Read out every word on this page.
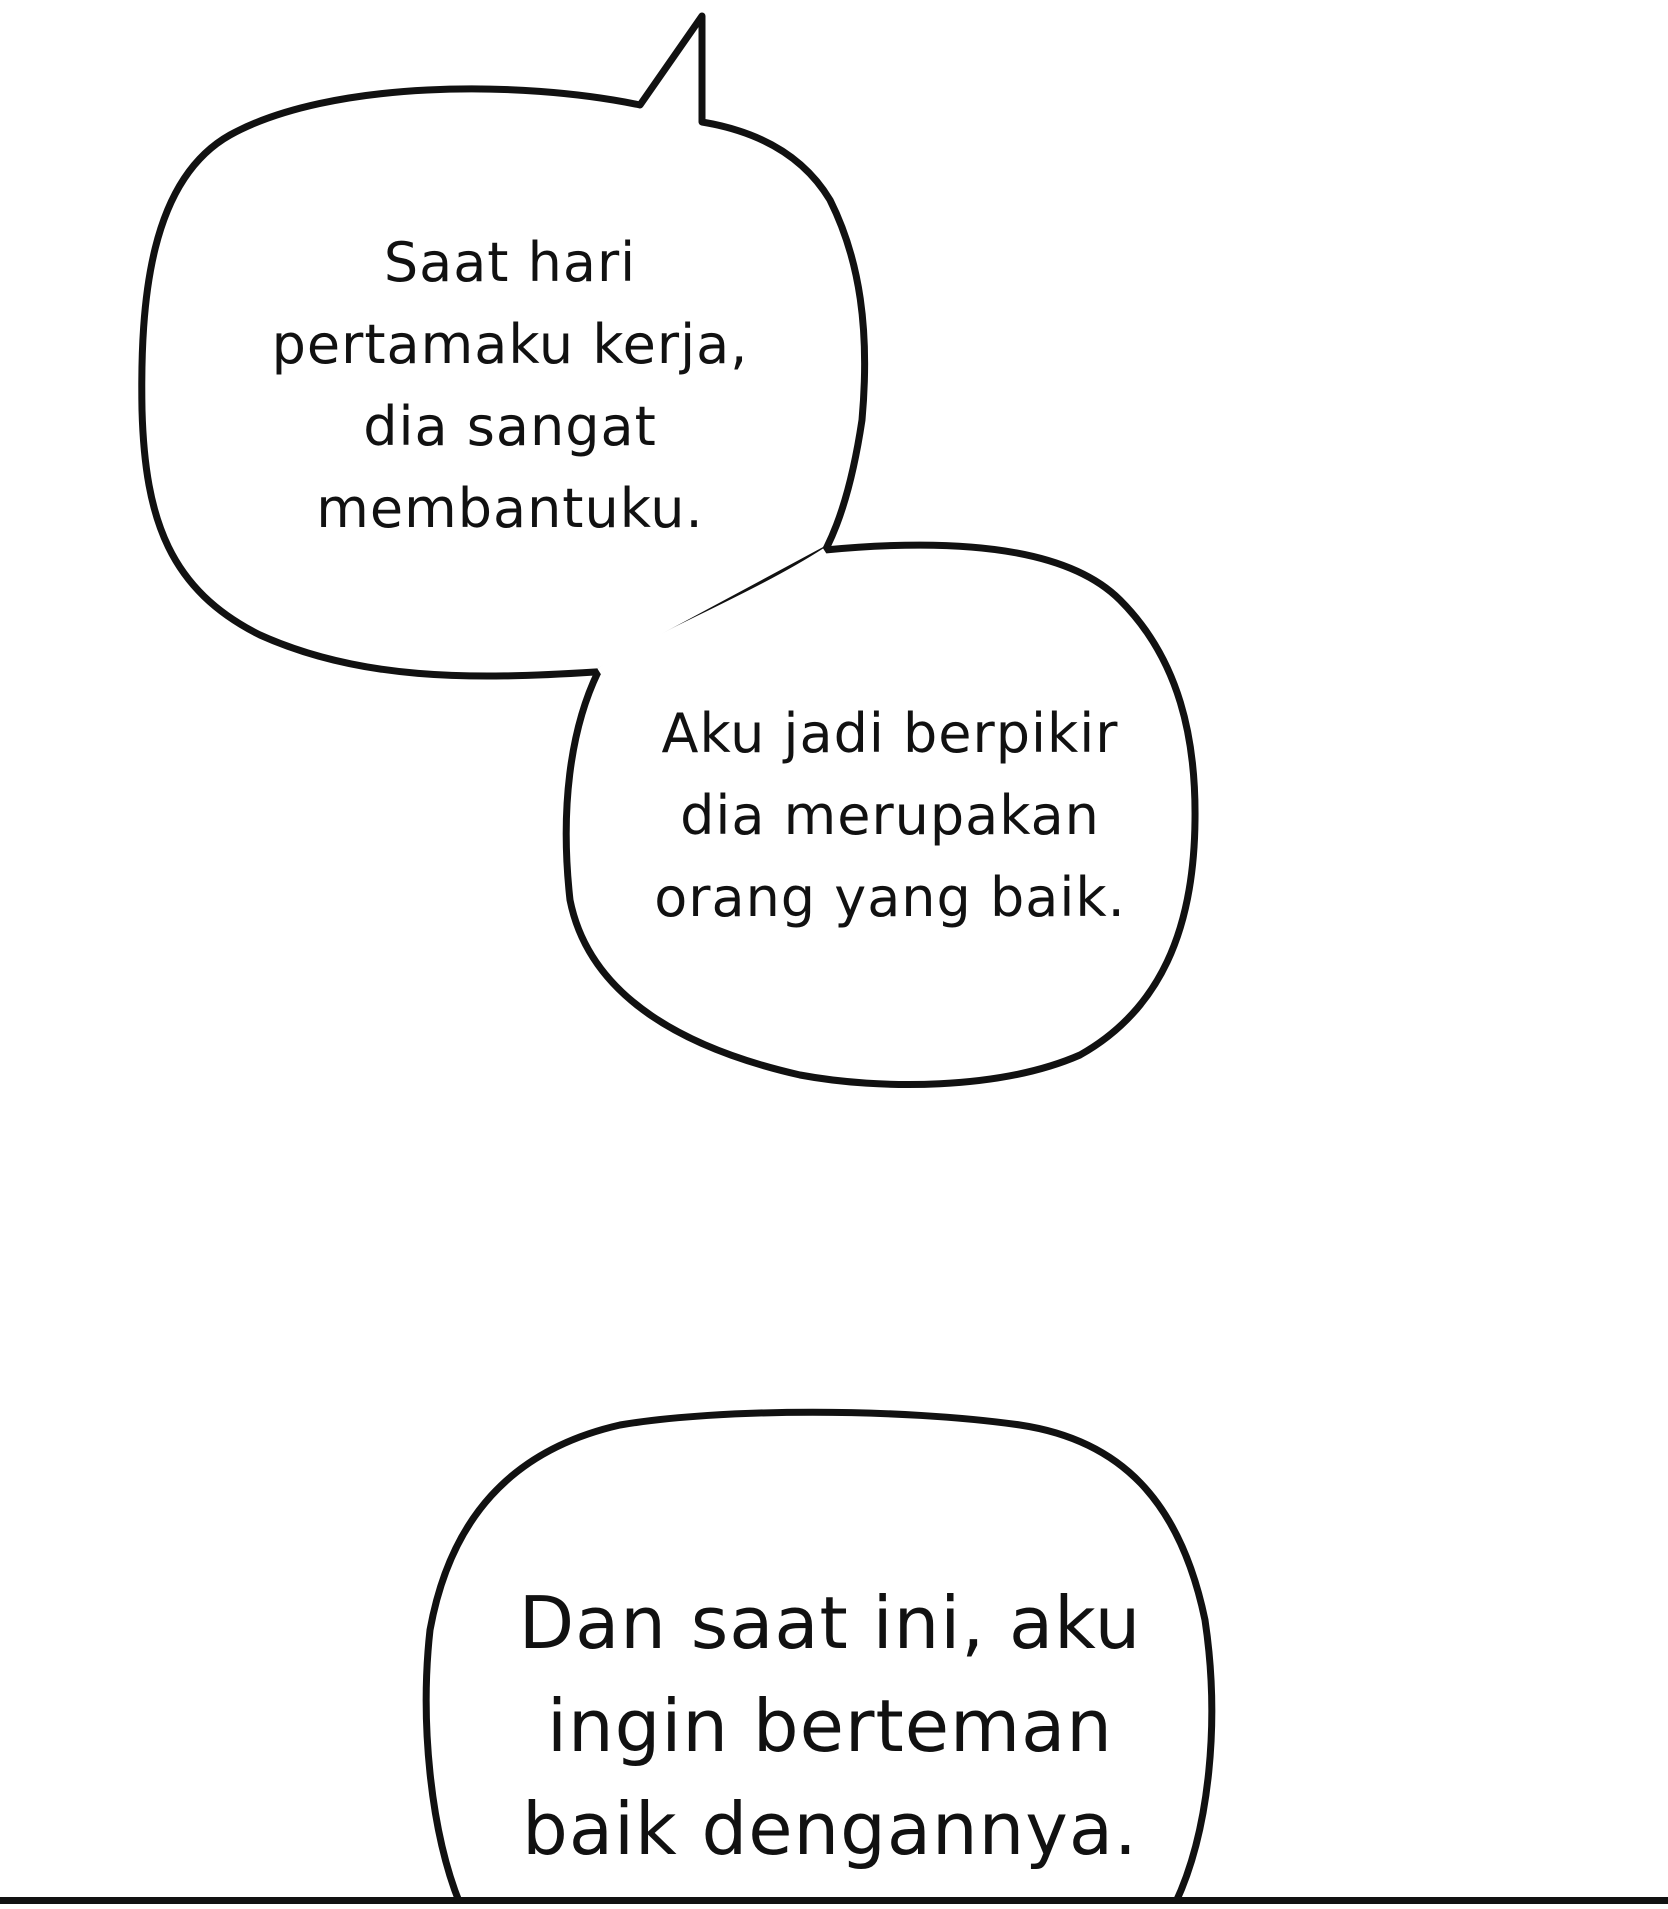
Saat hari
pertamaku kerja,
dia sangat
membantuku.
Aku jadi berpikir
dia merupakan
orang yang baik.
Dan saat ini, aku
ingin berteman
baik dengannya.
